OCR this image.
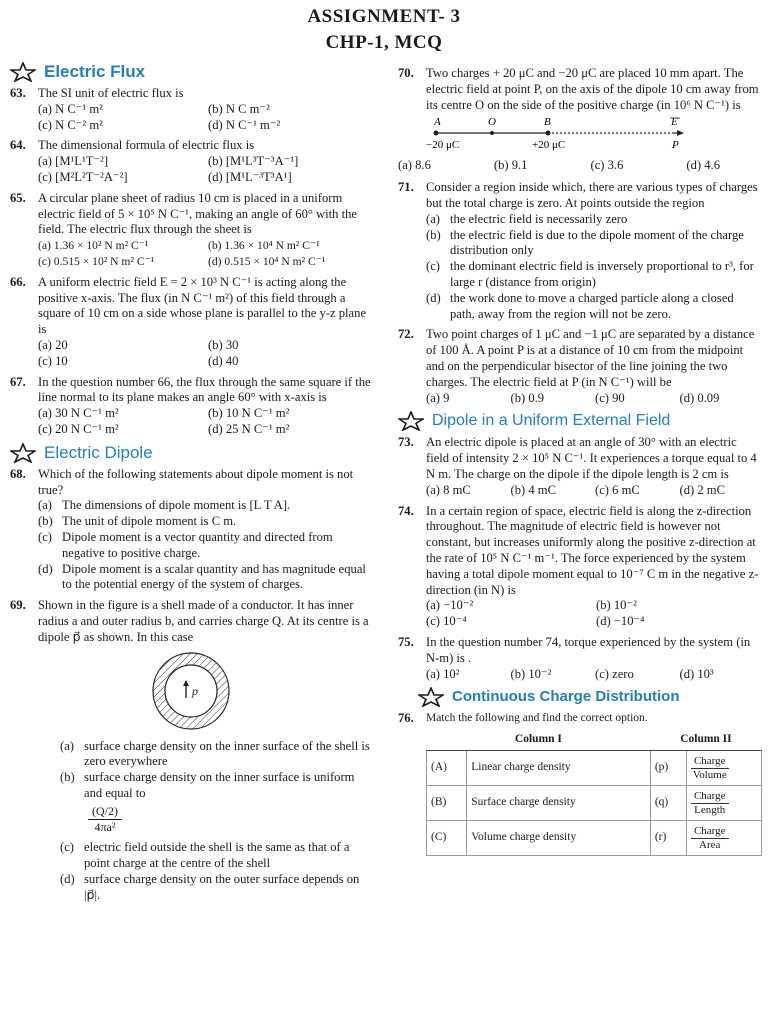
ASSIGNMENT- 3
CHP-1, MCQ
Electric Flux
63. The SI unit of electric flux is
(a) N C⁻¹ m²	(b) N C m⁻²
(c) N C⁻² m²	(d) N C⁻¹ m⁻²
64. The dimensional formula of electric flux is
(a) [M¹L¹T⁻²]	(b) [M¹L³T⁻³A⁻¹]
(c) [M²L²T⁻²A⁻²]	(d) [M¹L⁻³T³A¹]
65. A circular plane sheet of radius 10 cm is placed in a uniform electric field of 5 × 10⁵ N C⁻¹, making an angle of 60° with the field. The electric flux through the sheet is
(a) 1.36 × 10² N m² C⁻¹	(b) 1.36 × 10⁴ N m² C⁻¹
(c) 0.515 × 10² N m² C⁻¹	(d) 0.515 × 10⁴ N m² C⁻¹
66. A uniform electric field E = 2 × 10³ N C⁻¹ is acting along the positive x-axis. The flux (in N C⁻¹ m²) of this field through a square of 10 cm on a side whose plane is parallel to the y-z plane is
(a) 20	(b) 30
(c) 10	(d) 40
67. In the question number 66, the flux through the same square if the line normal to its plane makes an angle 60° with x-axis is
(a) 30 N C⁻¹ m²	(b) 10 N C⁻¹ m²
(c) 20 N C⁻¹ m²	(d) 25 N C⁻¹ m²
Electric Dipole
68. Which of the following statements about dipole moment is not true?
(a) The dimensions of dipole moment is [L T A].
(b) The unit of dipole moment is C m.
(c) Dipole moment is a vector quantity and directed from negative to positive charge.
(d) Dipole moment is a scalar quantity and has magnitude equal to the potential energy of the system of charges.
69. Shown in the figure is a shell made of a conductor. It has inner radius a and outer radius b, and carries charge Q. At its centre is a dipole p⃗ as shown. In this case
p
(a) surface charge density on the inner surface of the shell is zero everywhere
(b) surface charge density on the inner surface is uniform and equal to
$\frac{(Q/2)}{\text{4πa²}}$
(c) electric field outside the shell is the same as that of a point charge at the centre of the shell
(d) surface charge density on the outer surface depends on |p⃗|.
70. Two charges + 20 μC and −20 μC are placed 10 mm apart. The electric field at point P, on the axis of the dipole 10 cm away from its centre O on the side of the positive charge (in 10⁶ N C⁻¹) is
A	O	B	E
−20 μC	+20 μC	P
(a) 8.6	(b) 9.1	(c) 3.6	(d) 4.6
71. Consider a region inside which, there are various types of charges but the total charge is zero. At points outside the region
(a) the electric field is necessarily zero
(b) the electric field is due to the dipole moment of the charge distribution only
(c) the dominant electric field is inversely proportional to r³, for large r (distance from origin)
(d) the work done to move a charged particle along a closed path, away from the region will not be zero.
72. Two point charges of 1 μC and −1 μC are separated by a distance of 100 Å. A point P is at a distance of 10 cm from the midpoint and on the perpendicular bisector of the line joining the two charges. The electric field at P (in N C⁻¹) will be
(a) 9	(b) 0.9	(c) 90	(d) 0.09
Dipole in a Uniform External Field
73. An electric dipole is placed at an angle of 30° with an electric field of intensity 2 × 10⁵ N C⁻¹. It experiences a torque equal to 4 N m. The charge on the dipole if the dipole length is 2 cm is
(a) 8 mC	(b) 4 mC	(c) 6 mC	(d) 2 mC
74. In a certain region of space, electric field is along the z-direction throughout. The magnitude of electric field is however not constant, but increases uniformly along the positive z-direction at the rate of 10⁵ N C⁻¹ m⁻¹. The force experienced by the system having a total dipole moment equal to 10⁻⁷ C m in the negative z- direction (in N) is
(a) −10⁻²	(b) 10⁻²
(c) 10⁻⁴	(d) −10⁻⁴
75. In the question number 74, torque experienced by the system (in N-m) is .
(a) 10²	(b) 10⁻²	(c) zero	(d) 10³
Continuous Charge Distribution
76.	Match the following and find the correct option.
Column I		Column II	
(A)	Linear charge density	(p)	Charge
Volume

(B)	Surface charge density	(q)	Charge
Length

(C)	Volume charge density	(r)	Charge
Area
